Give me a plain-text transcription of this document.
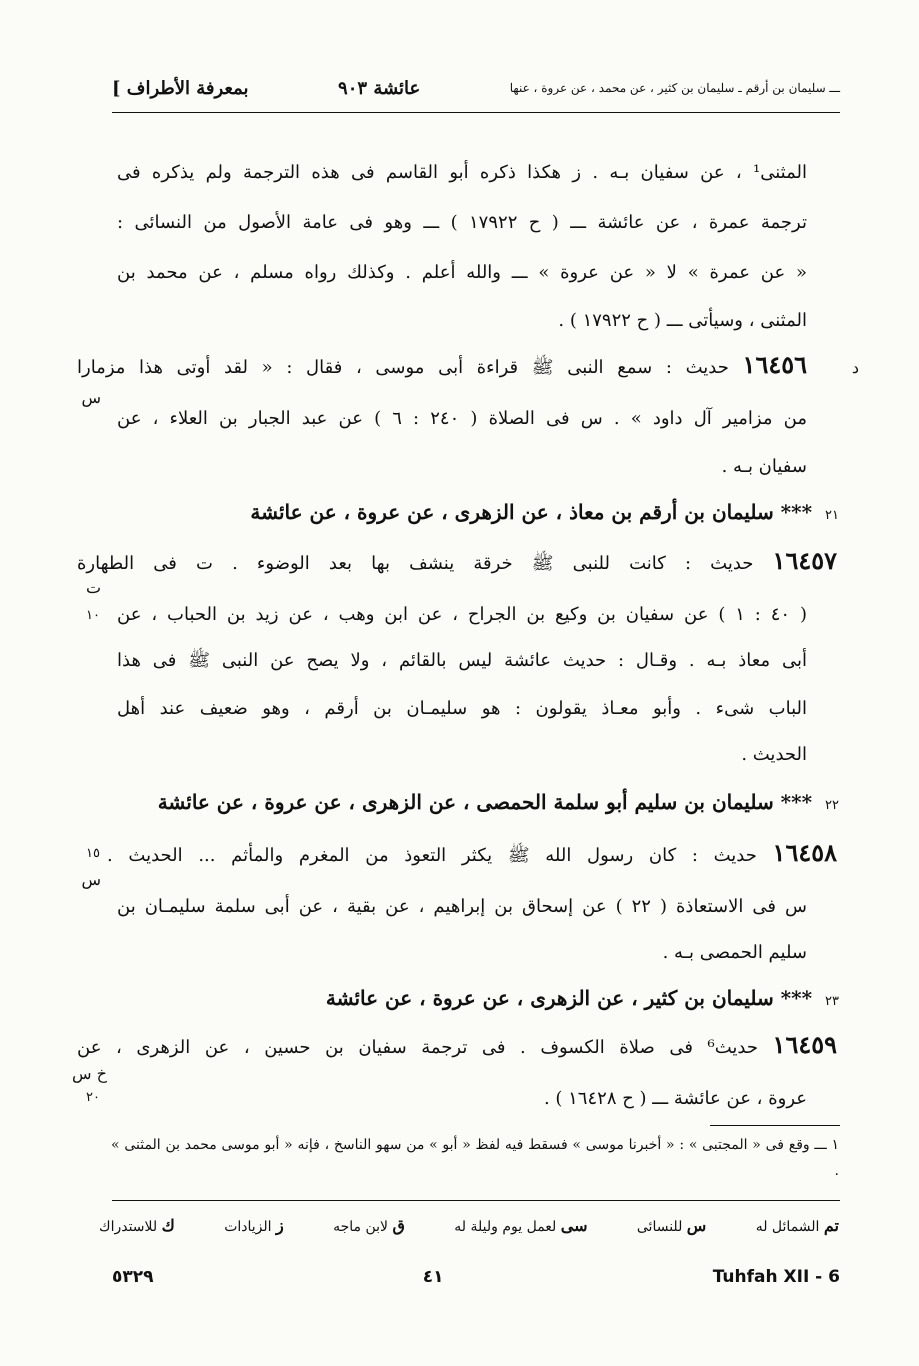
بمعرفة الأطراف ]	عائشة ٩٠٣	ـــ سليمان بن أرقم ـ سليمان بن كثير ، عن محمد ، عن عروة ، عنها
المثنى¹ ، عن سفيان بـه . ز هكذا ذكره أبو القاسم فى هذه الترجمة ولم يذكره فى
ترجمة عمرة ، عن عائشة ـــ ( ح ١٧٩٢٢ ) ـــ وهو فى عامة الأصول من النسائى :
« عن عمرة » لا « عن عروة » ـــ والله أعلم . وكذلك رواه مسلم ، عن محمد بن
المثنى ، وسيأتى ـــ ( ح ١٧٩٢٢ ) .
د
١٦٤٥٦ حديث : سمع النبى ﷺ قراءة أبى موسى ، فقال : « لقد أوتى هذا مزمارا
س
من مزامير آل داود » . س فى الصلاة ( ٢٤٠ : ٦ ) عن عبد الجبار بن العلاء ، عن
سفيان بـه .
٢١ *** سليمان بن أرقم بن معاذ ، عن الزهرى ، عن عروة ، عن عائشة
١٦٤٥٧ حديث : كانت للنبى ﷺ خرقة ينشف بها بعد الوضوء . ت فى الطهارة
ت
( ٤٠ : ١ ) عن سفيان بن وكيع بن الجراح ، عن ابن وهب ، عن زيد بن الحباب ، عن
١٠
أبى معاذ بـه . وقـال : حديث عائشة ليس بالقائم ، ولا يصح عن النبى ﷺ فى هذا
الباب شىء . وأبو معـاذ يقولون : هو سليمـان بن أرقم ، وهو ضعيف عند أهل
الحديث .
٢٢ *** سليمان بن سليم أبو سلمة الحمصى ، عن الزهرى ، عن عروة ، عن عائشة
١٦٤٥٨ حديث : كان رسول الله ﷺ يكثر التعوذ من المغرم والمأثم ... الحديث .
١٥
س
س فى الاستعاذة ( ٢٢ ) عن إسحاق بن إبراهيم ، عن بقية ، عن أبى سلمة سليمـان بن
سليم الحمصى بـه .
٢٣ *** سليمان بن كثير ، عن الزهرى ، عن عروة ، عن عائشة
١٦٤٥٩ حديث⁶ فى صلاة الكسوف . فى ترجمة سفيان بن حسين ، عن الزهرى ، عن
خ س
عروة ، عن عائشة ـــ ( ح ١٦٤٢٨ ) .
٢٠
١ ـــ وقع فى « المجتبى » : « أخبرنا موسى » فسقط فيه لفظ « أبو » من سهو الناسخ ، فإنه « أبو موسى محمد بن المثنى » .
تم الشمائل له
س للنسائى
سى لعمل يوم وليلة له
ق لابن ماجه
ز الزيادات
ك للاستدراك
٥٣٢٩	٤١	Tuhfah XII - 6
